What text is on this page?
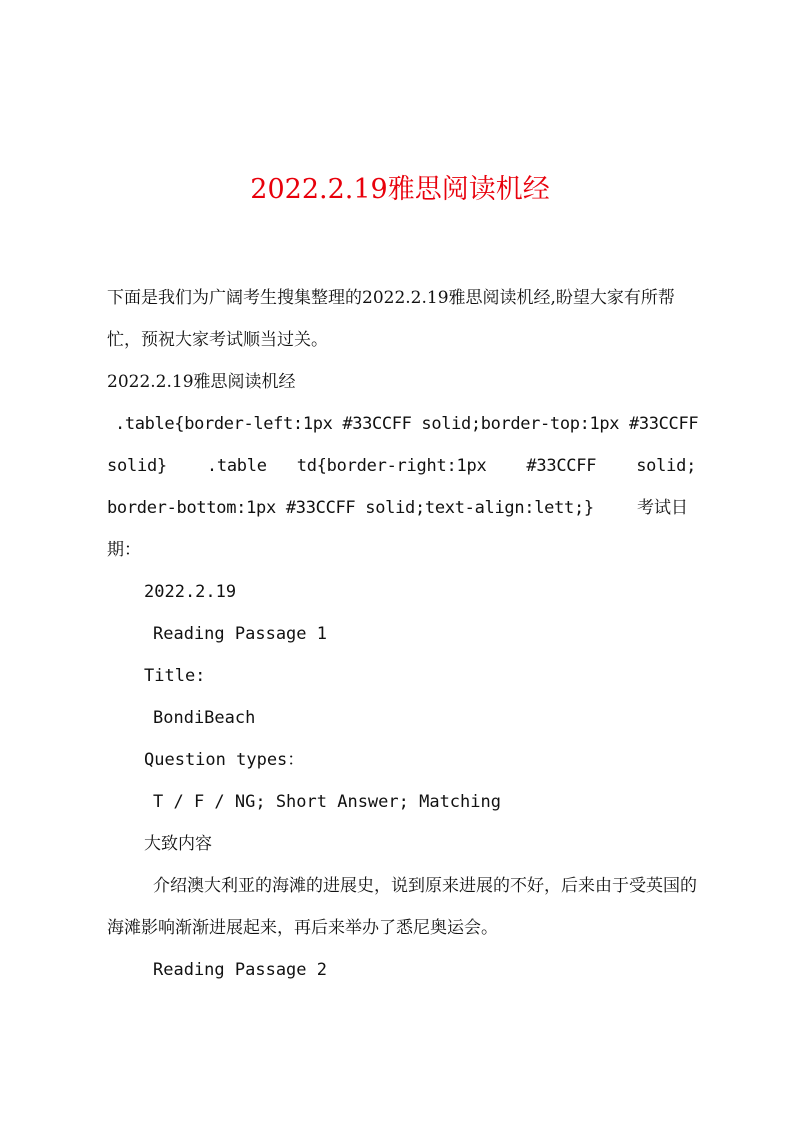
2022.2.19雅思阅读机经

下面是我们为广阔考生搜集整理的2022.2.19雅思阅读机经,盼望大家有所帮忙，预祝大家考试顺当过关。

2022.2.19雅思阅读机经

.table{border-left:1px #33CCFF solid;border-top:1px #33CCFF

solid}    .table   td{border-right:1px    #33CCFF    solid;

border-bottom:1px #33CCFF solid;text-align:lett;}	考试日

期：

2022.2.19

Reading Passage 1

Title:

BondiBeach

Question types：

T / F / NG; Short Answer; Matching

大致内容

介绍澳大利亚的海滩的进展史，说到原来进展的不好，后来由于受英国的海滩影响渐渐进展起来，再后来举办了悉尼奥运会。

Reading Passage 2
